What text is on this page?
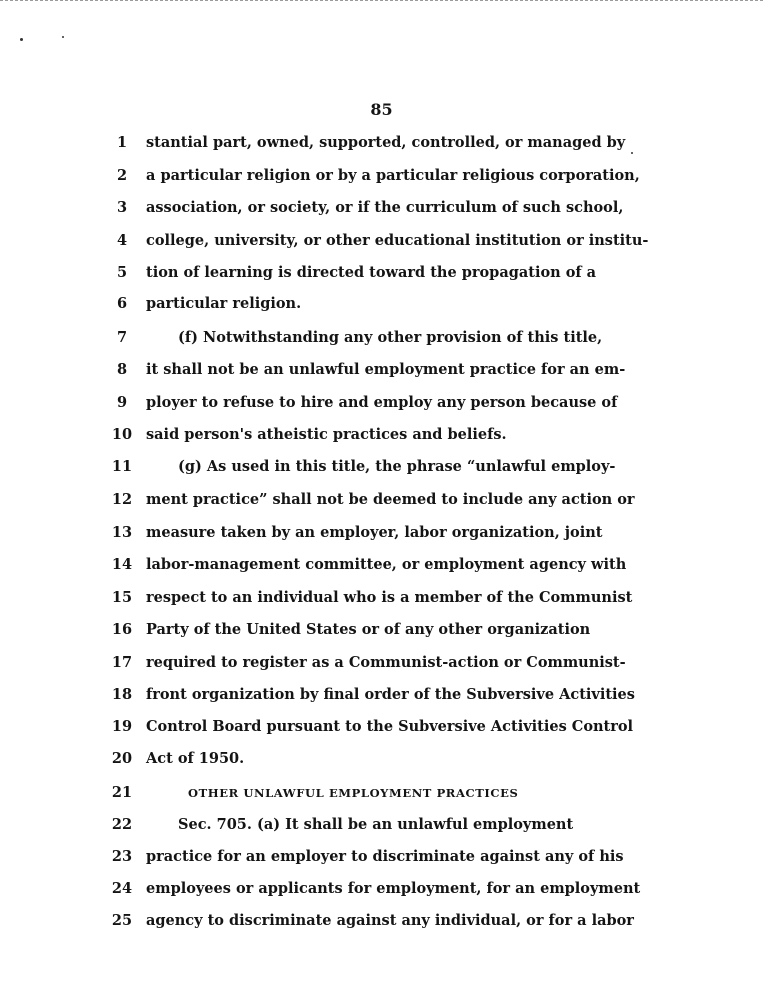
85
1	stantial part, owned, supported, controlled, or managed by
2	a particular religion or by a particular religious corporation,
3	association, or society, or if the curriculum of such school,
4	college, university, or other educational institution or institu-
5	tion of learning is directed toward the propagation of a
6	particular religion.
7	(f) Notwithstanding any other provision of this title,
8	it shall not be an unlawful employment practice for an em-
9	ployer to refuse to hire and employ any person because of
10 said person's atheistic practices and beliefs.
11	(g) As used in this title, the phrase “unlawful employ-
12 ment practice” shall not be deemed to include any action or
13 measure taken by an employer, labor organization, joint
14 labor-management committee, or employment agency with
15 respect to an individual who is a member of the Communist
16 Party of the United States or of any other organization
17 required to register as a Communist-action or Communist-
18 front organization by final order of the Subversive Activities
19 Control Board pursuant to the Subversive Activities Control
20 Act of 1950.
21	OTHER UNLAWFUL EMPLOYMENT PRACTICES
22	Sec. 705. (a) It shall be an unlawful employment
23 practice for an employer to discriminate against any of his
24 employees or applicants for employment, for an employment
25 agency to discriminate against any individual, or for a labor
